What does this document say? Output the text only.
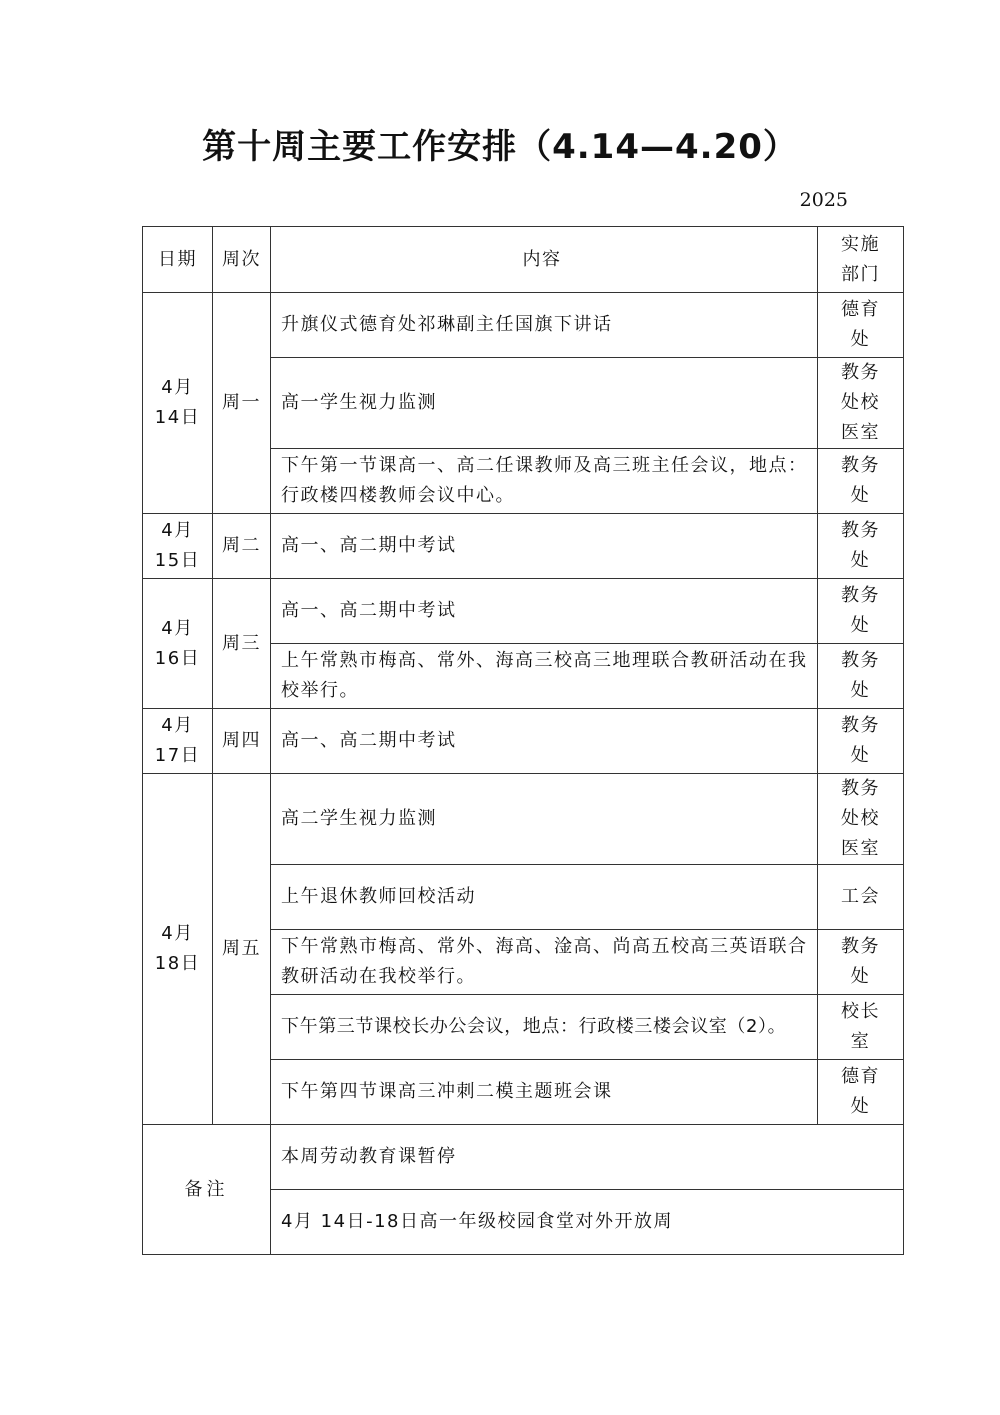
第十周主要工作安排（4.14—4.20）
2025
日期	周次	内容	实施部门
4月 14日	周一	升旗仪式德育处祁琳副主任国旗下讲话	德育处
		高一学生视力监测	教务处校医室
		下午第一节课高一、高二任课教师及高三班主任会议，地点：行政楼四楼教师会议中心。	教务处
4月 15日	周二	高一、高二期中考试	教务处
4月 16日	周三	高一、高二期中考试	教务处
		上午常熟市梅高、常外、海高三校高三地理联合教研活动在我校举行。	教务处
4月 17日	周四	高一、高二期中考试	教务处
4月 18日	周五	高二学生视力监测	教务处校医室
		上午退休教师回校活动	工会
		下午常熟市梅高、常外、海高、淦高、尚高五校高三英语联合教研活动在我校举行。	教务处
		下午第三节课校长办公会议，地点：行政楼三楼会议室（2）。	校长室
		下午第四节课高三冲刺二模主题班会课	德育处
备注		本周劳动教育课暂停	
		4月 14日-18日高一年级校园食堂对外开放周	
